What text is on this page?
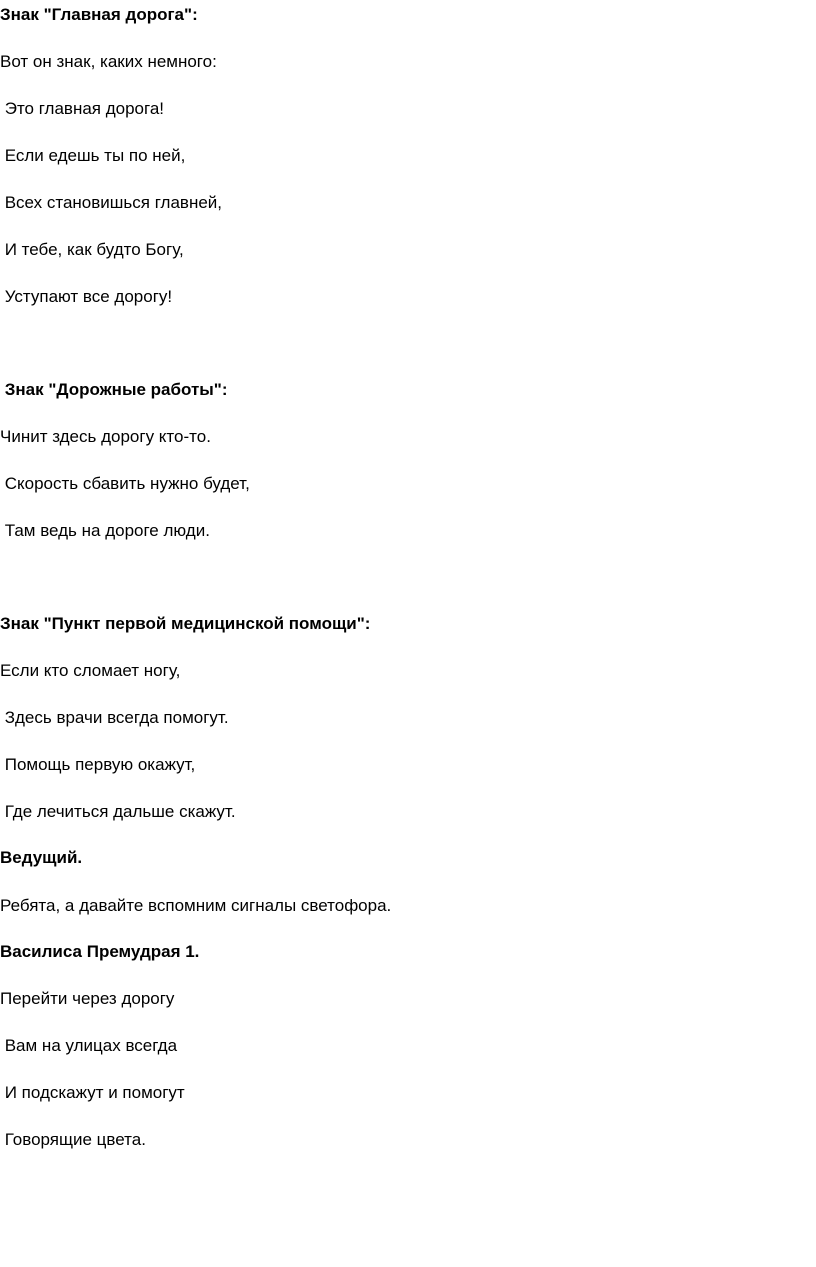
Знак "Главная дорога":

Вот он знак, каких немного:

Это главная дорога!

Если едешь ты по ней,

Всех становишься главней,

И тебе, как будто Богу,

Уступают все дорогу!

Знак "Дорожные работы":

Чинит здесь дорогу кто-то.

Скорость сбавить нужно будет,

Там ведь на дороге люди.

Знак "Пункт первой медицинской помощи":

Если кто сломает ногу,

Здесь врачи всегда помогут.

Помощь первую окажут,

Где лечиться дальше скажут.

Ведущий.

Ребята, а давайте вспомним сигналы светофора.

Василиса Премудрая 1.

Перейти через дорогу

Вам на улицах всегда

И подскажут и помогут

Говорящие цвета.
